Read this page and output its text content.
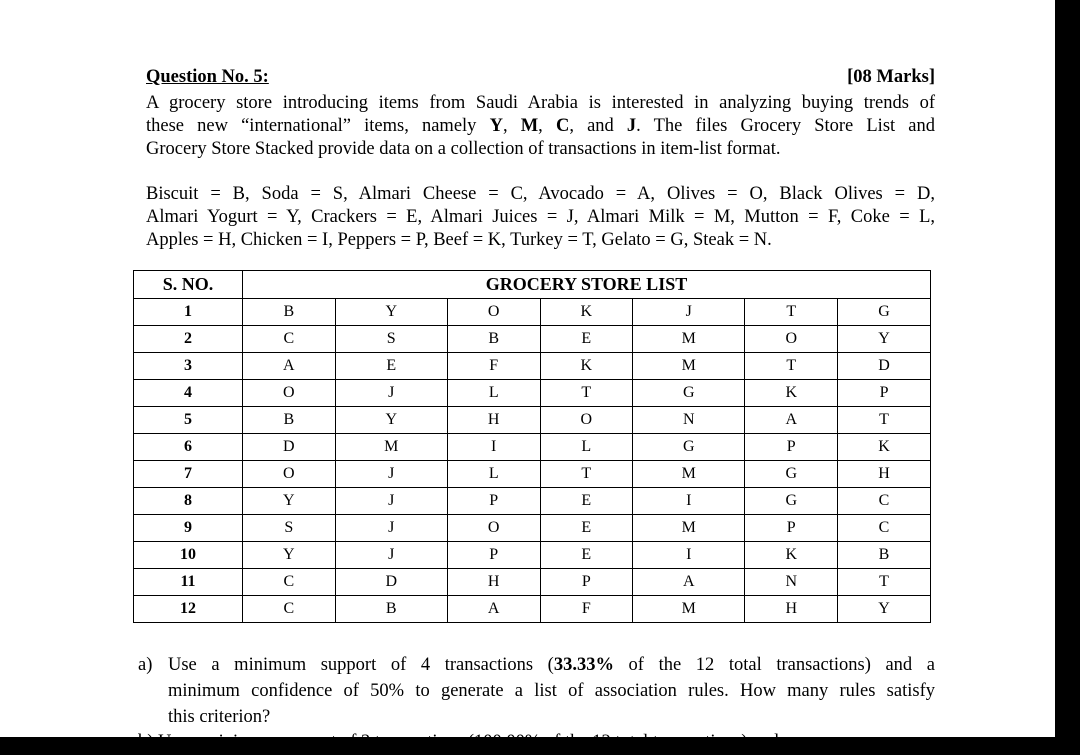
Question No. 5:	[08 Marks]
A grocery store introducing items from Saudi Arabia is interested in analyzing buying trends of
these new “international” items, namely Y, M, C, and J. The files Grocery Store List and
Grocery Store Stacked provide data on a collection of transactions in item-list format.
Biscuit = B, Soda = S, Almari Cheese = C, Avocado = A, Olives = O, Black Olives = D,
Almari Yogurt = Y, Crackers = E, Almari Juices = J, Almari Milk = M, Mutton = F, Coke = L,
Apples = H, Chicken = I, Peppers = P, Beef = K, Turkey = T, Gelato = G, Steak = N.
S. NO.	GROCERY STORE LIST						
1	B	Y	O	K	J	T	G
2	C	S	B	E	M	O	Y
3	A	E	F	K	M	T	D
4	O	J	L	T	G	K	P
5	B	Y	H	O	N	A	T
6	D	M	I	L	G	P	K
7	O	J	L	T	M	G	H
8	Y	J	P	E	I	G	C
9	S	J	O	E	M	P	C
10	Y	J	P	E	I	K	B
11	C	D	H	P	A	N	T
12	C	B	A	F	M	H	Y
a) Use a minimum support of 4 transactions (33.33% of the 12 total transactions) and a
minimum confidence of 50% to generate a list of association rules. How many rules satisfy
this criterion?
b) Use a minimum support of 3 transactions (100.00% of the 12 total transactions) and a
